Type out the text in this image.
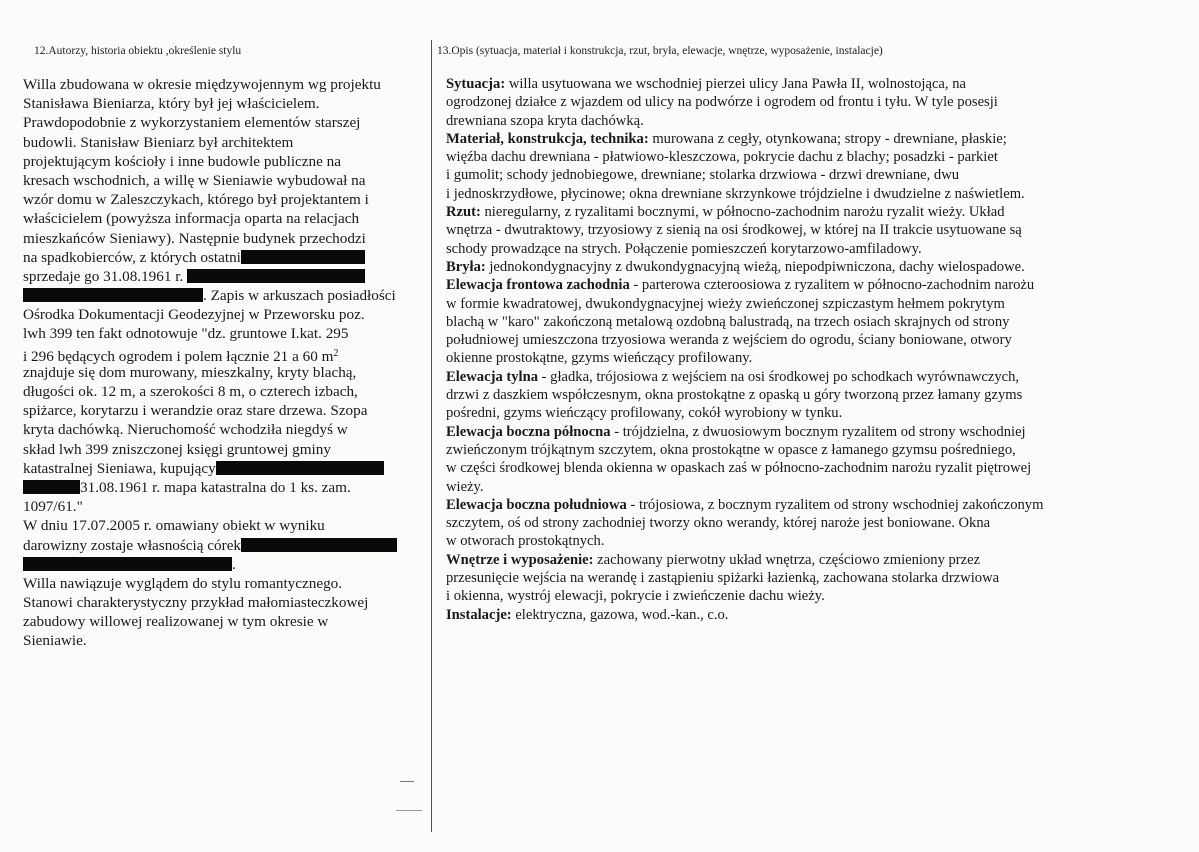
12.Autorzy, historia obiektu ,określenie stylu
Willa zbudowana w okresie międzywojennym wg projektu
Stanisława Bieniarza, który był jej właścicielem.
Prawdopodobnie z wykorzystaniem elementów starszej
budowli. Stanisław Bieniarz był architektem
projektującym kościoły i inne budowle publiczne na
kresach wschodnich, a willę w Sieniawie wybudował na
wzór domu w Zaleszczykach, którego był projektantem i
właścicielem (powyższa informacja oparta na relacjach
mieszkańców Sieniawy). Następnie budynek przechodzi
na spadkobierców, z których ostatni
sprzedaje go 31.08.1961 r.
. Zapis w arkuszach posiadłości
Ośrodka Dokumentacji Geodezyjnej w Przeworsku poz.
lwh 399 ten fakt odnotowuje "dz. gruntowe I.kat. 295
i 296 będących ogrodem i polem łącznie 21 a 60 $m^2$
znajduje się dom murowany, mieszkalny, kryty blachą,
długości ok. 12 m, a szerokości 8 m, o czterech izbach,
spiżarce, korytarzu i werandzie oraz stare drzewa. Szopa
kryta dachówką. Nieruchomość wchodziła niegdyś w
skład lwh 399 zniszczonej księgi gruntowej gminy
katastralnej Sieniawa, kupujący
31.08.1961 r. mapa katastralna do 1 ks. zam.
1097/61."
W dniu 17.07.2005 r. omawiany obiekt w wyniku
darowizny zostaje własnością córek
.
Willa nawiązuje wyglądem do stylu romantycznego.
Stanowi charakterystyczny przykład małomiasteczkowej
zabudowy willowej realizowanej w tym okresie w
Sieniawie.
13.Opis (sytuacja, materiał i konstrukcja, rzut, bryła, elewacje, wnętrze, wyposażenie, instalacje)
Sytuacja: willa usytuowana we wschodniej pierzei ulicy Jana Pawła II, wolnostojąca, na
ogrodzonej działce z wjazdem od ulicy na podwórze i ogrodem od frontu i tyłu. W tyle posesji
drewniana szopa kryta dachówką.
Materiał, konstrukcja, technika: murowana z cegły, otynkowana; stropy - drewniane, płaskie;
więźba dachu drewniana - płatwiowo-kleszczowa, pokrycie dachu z blachy; posadzki - parkiet
i gumolit; schody jednobiegowe, drewniane; stolarka drzwiowa - drzwi drewniane, dwu
i jednoskrzydłowe, płycinowe; okna drewniane skrzynkowe trójdzielne i dwudzielne z naświetlem.
Rzut: nieregularny, z ryzalitami bocznymi, w północno-zachodnim narożu ryzalit wieży. Układ
wnętrza - dwutraktowy, trzyosiowy z sienią na osi środkowej, w której na II trakcie usytuowane są
schody prowadzące na strych. Połączenie pomieszczeń korytarzowo-amfiladowy.
Bryła: jednokondygnacyjny z dwukondygnacyjną wieżą, niepodpiwniczona, dachy wielospadowe.
Elewacja frontowa zachodnia - parterowa czteroosiowa z ryzalitem w północno-zachodnim narożu
w formie kwadratowej, dwukondygnacyjnej wieży zwieńczonej szpiczastym hełmem pokrytym
blachą w "karo" zakończoną metalową ozdobną balustradą, na trzech osiach skrajnych od strony
południowej umieszczona trzyosiowa weranda z wejściem do ogrodu, ściany boniowane, otwory
okienne prostokątne, gzyms wieńczący profilowany.
Elewacja tylna - gładka, trójosiowa z wejściem na osi środkowej po schodkach wyrównawczych,
drzwi z daszkiem współczesnym, okna prostokątne z opaską u góry tworzoną przez łamany gzyms
pośredni, gzyms wieńczący profilowany, cokół wyrobiony w tynku.
Elewacja boczna północna - trójdzielna, z dwuosiowym bocznym ryzalitem od strony wschodniej
zwieńczonym trójkątnym szczytem, okna prostokątne w opasce z łamanego gzymsu pośredniego,
w części środkowej blenda okienna w opaskach zaś w północno-zachodnim narożu ryzalit piętrowej
wieży.
Elewacja boczna południowa - trójosiowa, z bocznym ryzalitem od strony wschodniej zakończonym
szczytem, oś od strony zachodniej tworzy okno werandy, której naroże jest boniowane. Okna
w otworach prostokątnych.
Wnętrze i wyposażenie: zachowany pierwotny układ wnętrza, częściowo zmieniony przez
przesunięcie wejścia na werandę i zastąpieniu spiżarki łazienką, zachowana stolarka drzwiowa
i okienna, wystrój elewacji, pokrycie i zwieńczenie dachu wieży.
Instalacje: elektryczna, gazowa, wod.-kan., c.o.
